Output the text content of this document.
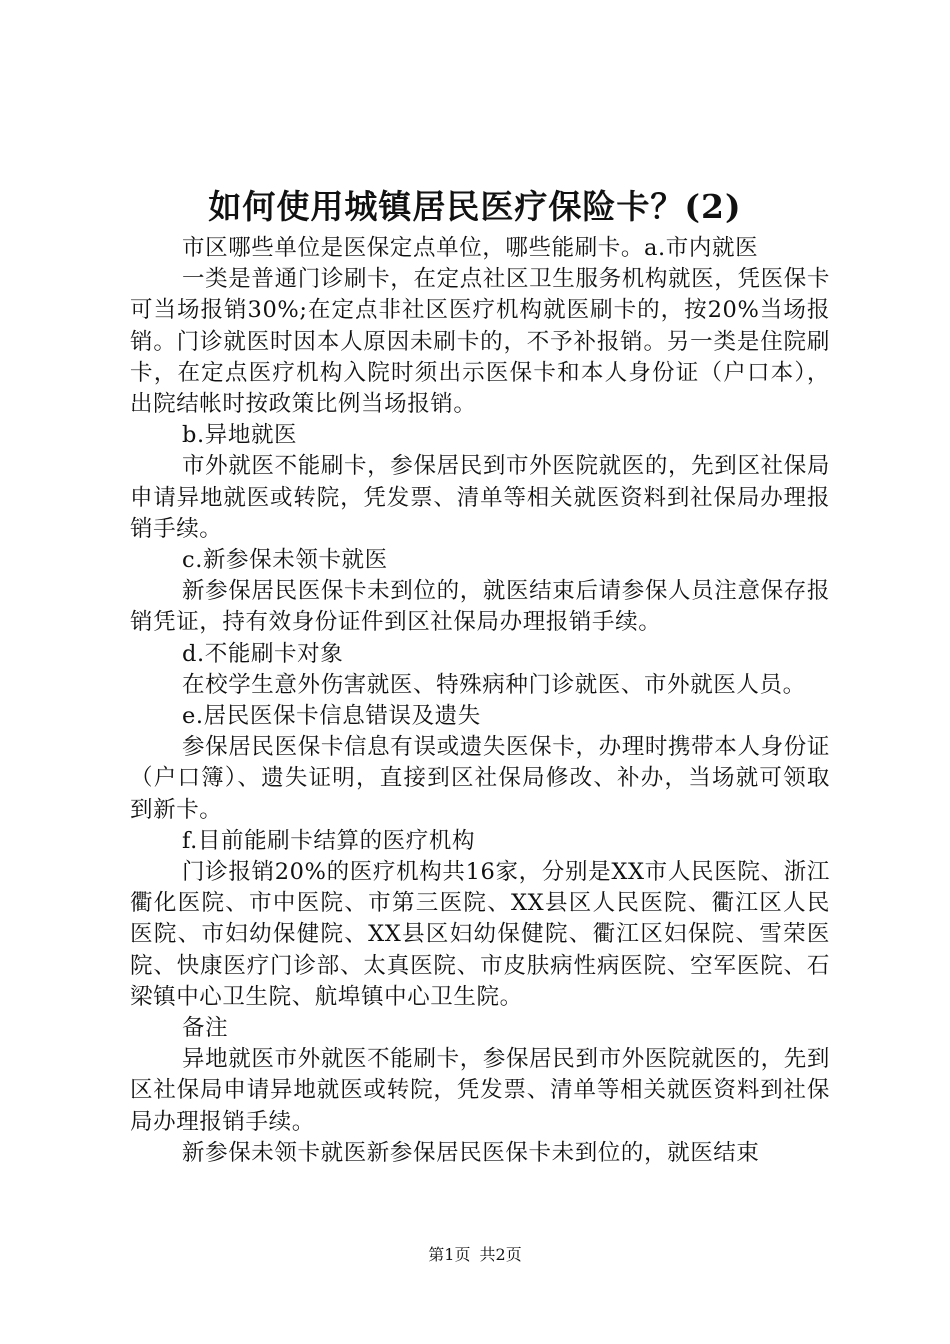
如何使用城镇居民医疗保险卡？(2)

市区哪些单位是医保定点单位，哪些能刷卡。a.市内就医

一类是普通门诊刷卡，在定点社区卫生服务机构就医，凭医保卡可当场报销30%;在定点非社区医疗机构就医刷卡的，按20%当场报销。门诊就医时因本人原因未刷卡的，不予补报销。另一类是住院刷卡，在定点医疗机构入院时须出示医保卡和本人身份证（户口本），出院结帐时按政策比例当场报销。

b.异地就医

市外就医不能刷卡，参保居民到市外医院就医的，先到区社保局申请异地就医或转院，凭发票、清单等相关就医资料到社保局办理报销手续。

c.新参保未领卡就医

新参保居民医保卡未到位的，就医结束后请参保人员注意保存报销凭证，持有效身份证件到区社保局办理报销手续。

d.不能刷卡对象

在校学生意外伤害就医、特殊病种门诊就医、市外就医人员。

e.居民医保卡信息错误及遗失

参保居民医保卡信息有误或遗失医保卡，办理时携带本人身份证（户口簿）、遗失证明，直接到区社保局修改、补办，当场就可领取到新卡。

f.目前能刷卡结算的医疗机构

门诊报销20%的医疗机构共16家，分别是XX市人民医院、浙江衢化医院、市中医院、市第三医院、XX县区人民医院、衢江区人民医院、市妇幼保健院、XX县区妇幼保健院、衢江区妇保院、雪荣医院、快康医疗门诊部、太真医院、市皮肤病性病医院、空军医院、石梁镇中心卫生院、航埠镇中心卫生院。

备注

异地就医市外就医不能刷卡，参保居民到市外医院就医的，先到区社保局申请异地就医或转院，凭发票、清单等相关就医资料到社保局办理报销手续。

新参保未领卡就医新参保居民医保卡未到位的，就医结束

第1页 共2页
